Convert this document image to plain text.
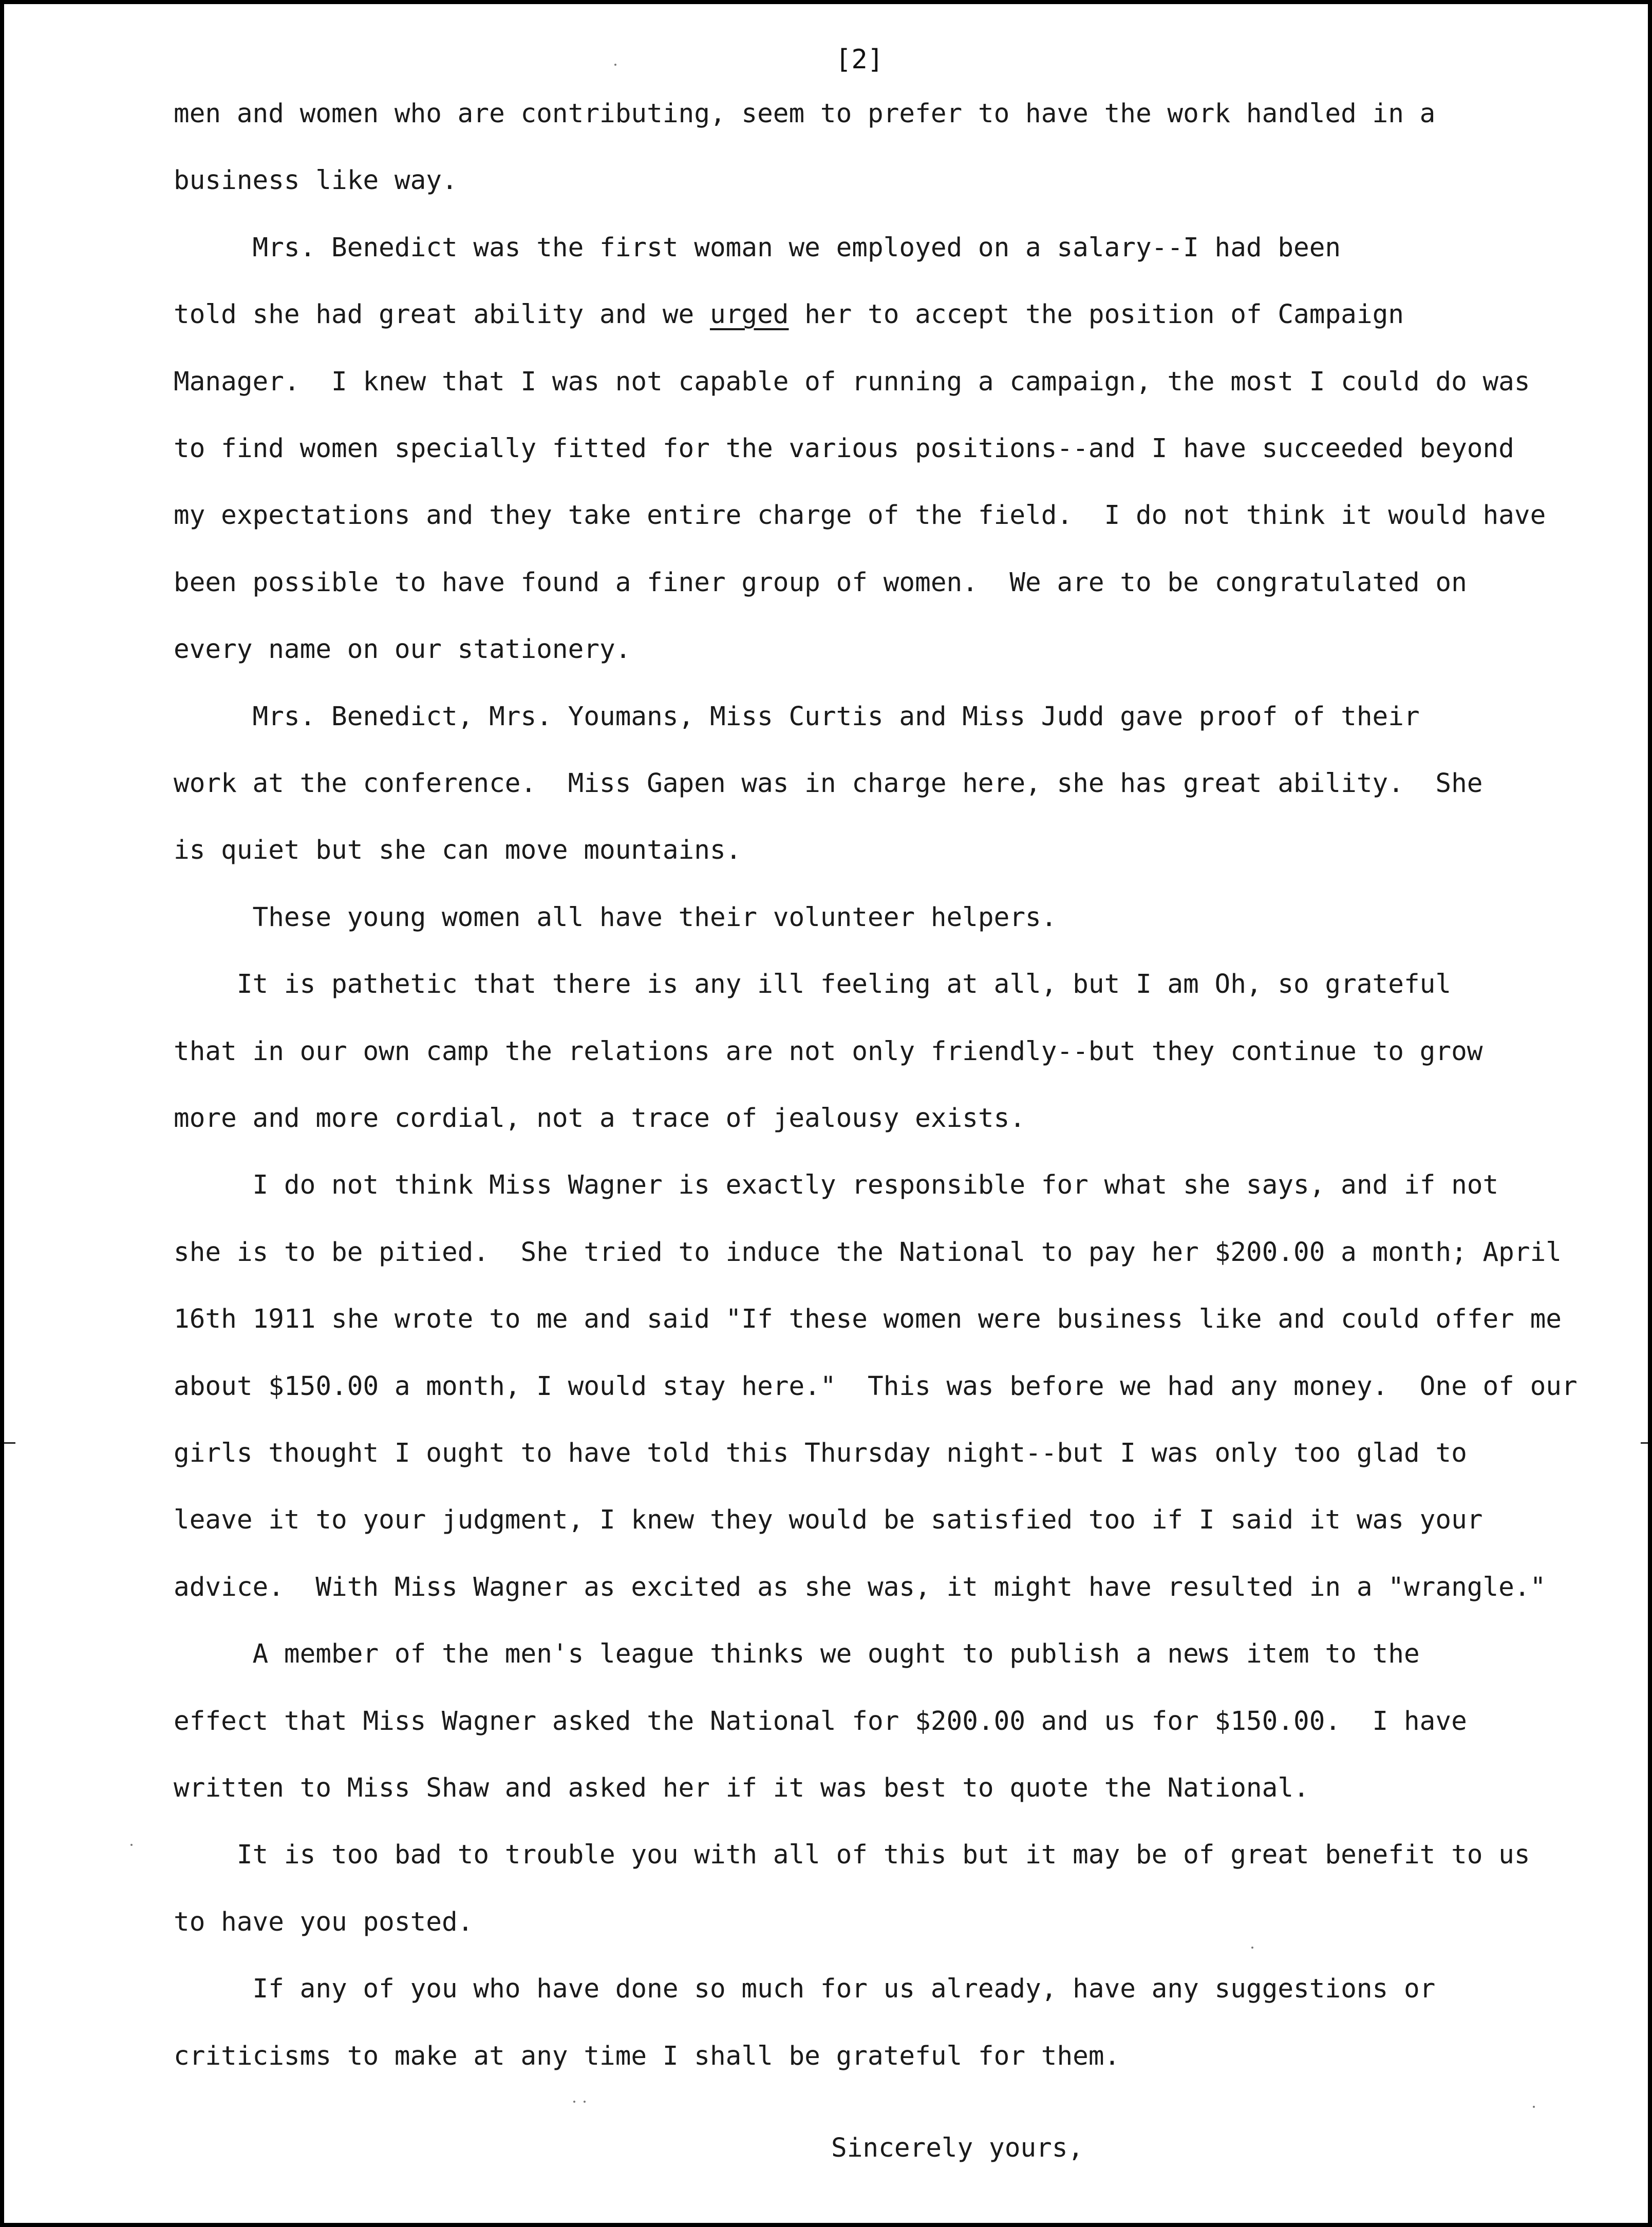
[2]
men and women who are contributing, seem to prefer to have the work handled in a
business like way.
Mrs. Benedict was the first woman we employed on a salary--I had been
told she had great ability and we urged her to accept the position of Campaign
Manager.  I knew that I was not capable of running a campaign, the most I could do was
to find women specially fitted for the various positions--and I have succeeded beyond
my expectations and they take entire charge of the field.  I do not think it would have
been possible to have found a finer group of women.  We are to be congratulated on
every name on our stationery.
Mrs. Benedict, Mrs. Youmans, Miss Curtis and Miss Judd gave proof of their
work at the conference.  Miss Gapen was in charge here, she has great ability.  She
is quiet but she can move mountains.
These young women all have their volunteer helpers.
It is pathetic that there is any ill feeling at all, but I am Oh, so grateful
that in our own camp the relations are not only friendly--but they continue to grow
more and more cordial, not a trace of jealousy exists.
I do not think Miss Wagner is exactly responsible for what she says, and if not
she is to be pitied.  She tried to induce the National to pay her $200.00 a month; April
16th 1911 she wrote to me and said "If these women were business like and could offer me
about $150.00 a month, I would stay here."  This was before we had any money.  One of our
girls thought I ought to have told this Thursday night--but I was only too glad to
leave it to your judgment, I knew they would be satisfied too if I said it was your
advice.  With Miss Wagner as excited as she was, it might have resulted in a "wrangle."
A member of the men's league thinks we ought to publish a news item to the
effect that Miss Wagner asked the National for $200.00 and us for $150.00.  I have
written to Miss Shaw and asked her if it was best to quote the National.
It is too bad to trouble you with all of this but it may be of great benefit to us
to have you posted.
If any of you who have done so much for us already, have any suggestions or
criticisms to make at any time I shall be grateful for them.
Sincerely yours,
